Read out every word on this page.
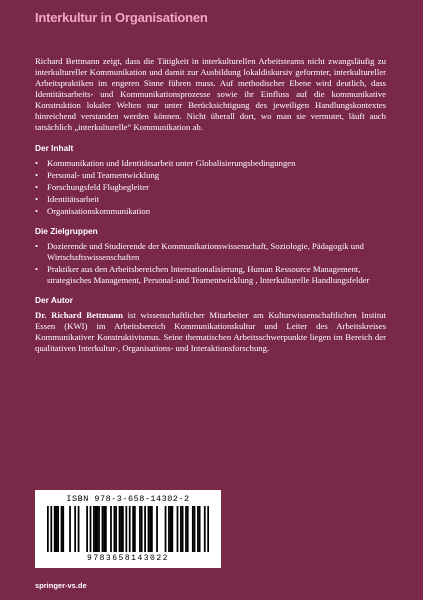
Interkultur in Organisationen

Richard Bettmann zeigt, dass die Tätigkeit in interkulturellen Arbeitsteams nicht zwangsläufig zu interkultureller Kommunikation und damit zur Ausbildung lokaldiskursiv geformter, interkultureller Arbeitspraktiken im engeren Sinne führen muss. Auf methodischer Ebene wird deutlich, dass Identitätsarbeits- und Kommunikationsprozesse sowie ihr Einfluss auf die kommunikative Konstruktion lokaler Welten nur unter Berücksichtigung des jeweiligen Handlungskontextes hinreichend verstanden werden können. Nicht überall dort, wo man sie vermutet, läuft auch tatsächlich „interkulturelle“ Kommunikation ab.

Der Inhalt
• Kommunikation und Identitätsarbeit unter Globalisierungsbedingungen
• Personal- und Teamentwicklung
• Forschungsfeld Flugbegleiter
• Identitätsarbeit
• Organisationskommunikation
Die Zielgruppen
• Dozierende und Studierende der Kommunikationswissenschaft, Soziologie, Pädagogik und Wirtschaftswissenschaften
• Praktiker aus den Arbeitsbereichen Internationalisierung, Human Ressource Management, strategisches Management, Personal-und Teamentwicklung , Interkulturelle Handlungsfelder
Der Autor

Dr. Richard Bettmann ist wissenschaftlicher Mitarbeiter am Kulturwissenschaftlichen Institut Essen (KWI) im Arbeitsbereich Kommunikationskultur und Leiter des Arbeitskreises Kommunikativer Konstruktivismus. Seine thematischen Arbeitsschwerpunkte liegen im Bereich der qualitativen Interkultur-, Organisations- und Interaktionsforschung.

ISBN 978-3-658-14302-2
9783658143022
springer-vs.de
